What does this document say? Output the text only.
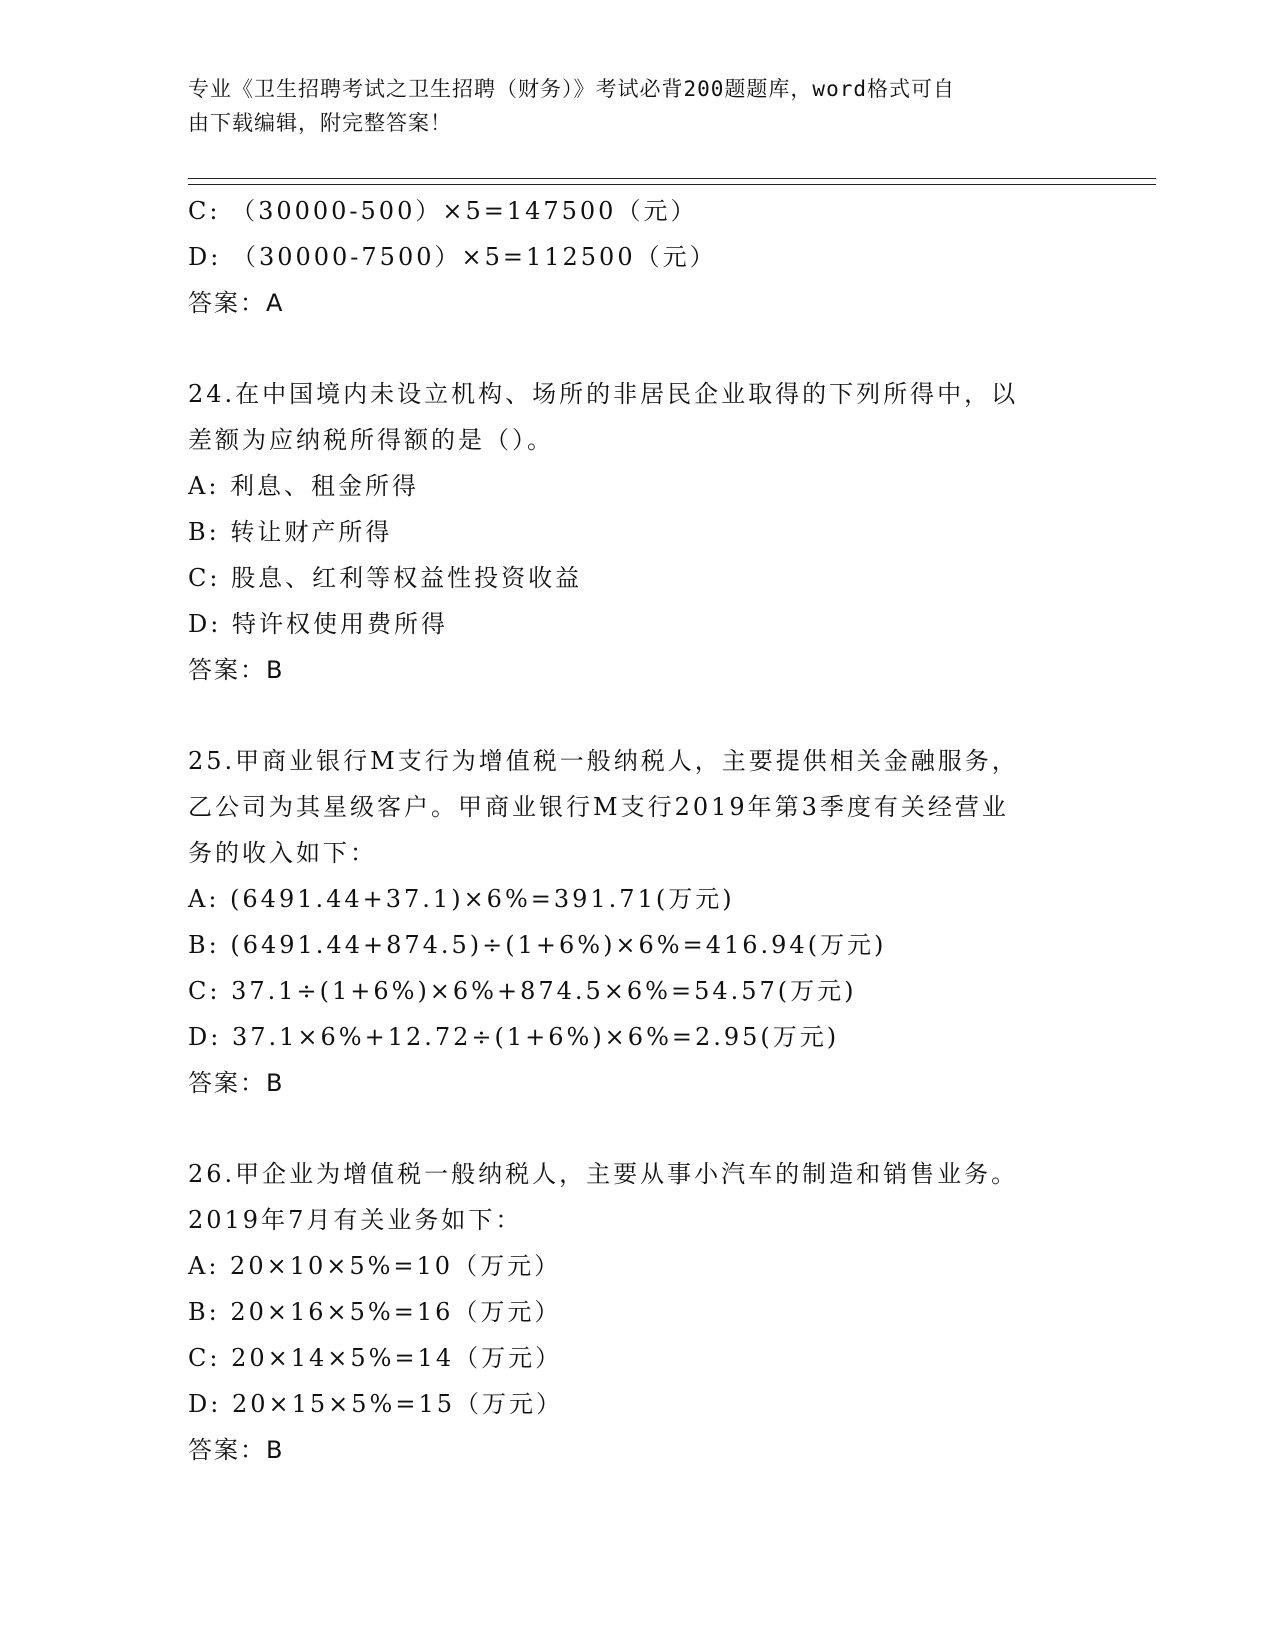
专业《卫生招聘考试之卫生招聘（财务）》考试必背200题题库，word格式可自
由下载编辑，附完整答案！
C: （30000-500）×5=147500（元）
D: （30000-7500）×5=112500（元）
答案：A
24.在中国境内未设立机构、场所的非居民企业取得的下列所得中，以
差额为应纳税所得额的是（）。
A: 利息、租金所得
B: 转让财产所得
C: 股息、红利等权益性投资收益
D: 特许权使用费所得
答案：B
25.甲商业银行M支行为增值税一般纳税人，主要提供相关金融服务，
乙公司为其星级客户。甲商业银行M支行2019年第3季度有关经营业
务的收入如下：
A: (6491.44+37.1)×6%=391.71(万元)
B: (6491.44+874.5)÷(1+6%)×6%=416.94(万元)
C: 37.1÷(1+6%)×6%+874.5×6%=54.57(万元)
D: 37.1×6%+12.72÷(1+6%)×6%=2.95(万元)
答案：B
26.甲企业为增值税一般纳税人，主要从事小汽车的制造和销售业务。
2019年7月有关业务如下：
A: 20×10×5%=10（万元）
B: 20×16×5%=16（万元）
C: 20×14×5%=14（万元）
D: 20×15×5%=15（万元）
答案：B
